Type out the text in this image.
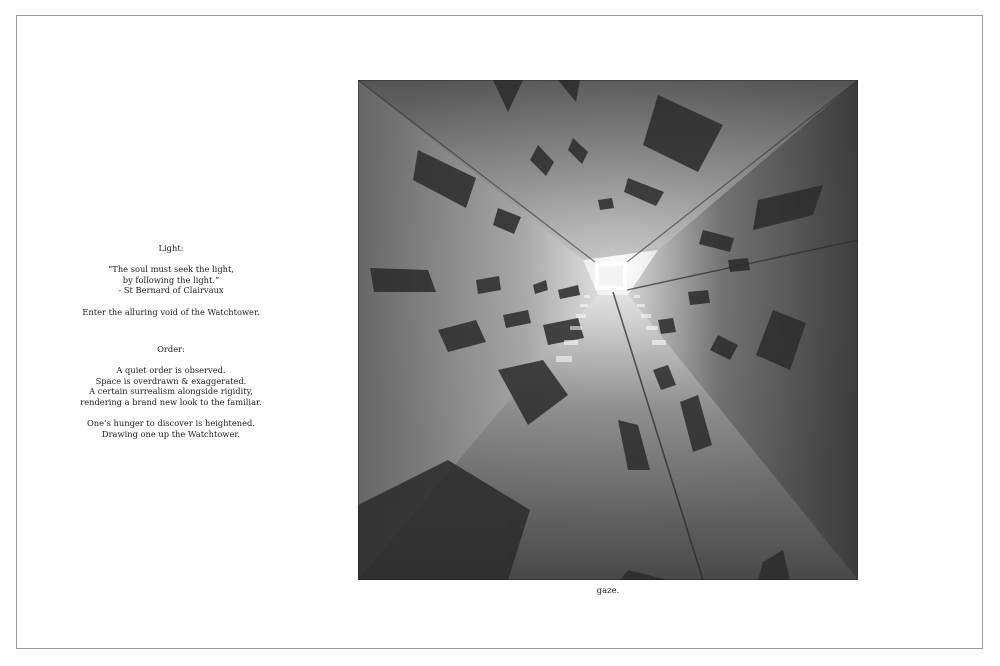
Light:

“The soul must seek the light,

by following the light.”

- St Bernard of Clairvaux

Enter the alluring void of the Watchtower.

Order:

A quiet order is observed.

Space is overdrawn & exaggerated.

A certain surrealism alongside rigidity,

rendering a brand new look to the familiar.

One’s hunger to discover is heightened.

Drawing one up the Watchtower.

gaze.
